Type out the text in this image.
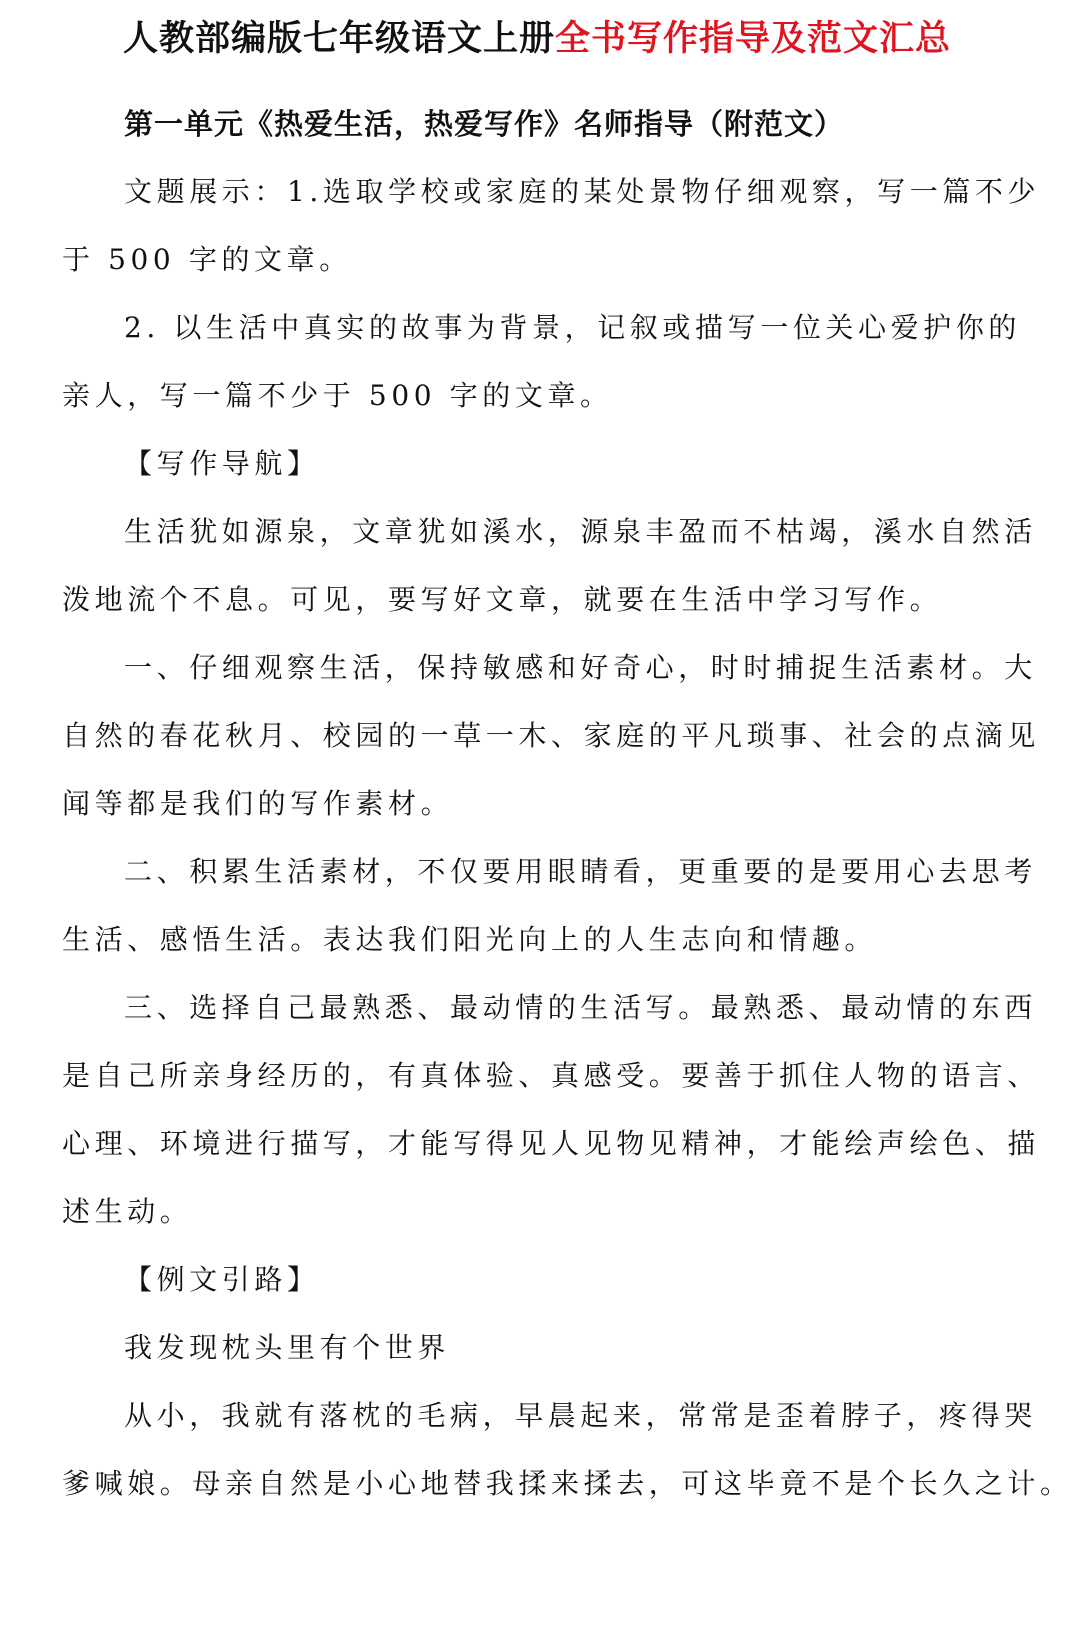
人教部编版七年级语文上册全书写作指导及范文汇总
第一单元《热爱生活，热爱写作》名师指导（附范文）
文题展示：1.选取学校或家庭的某处景物仔细观察，写一篇不少
于 500 字的文章。
2. 以生活中真实的故事为背景，记叙或描写一位关心爱护你的
亲人，写一篇不少于 500 字的文章。
【写作导航】
生活犹如源泉，文章犹如溪水，源泉丰盈而不枯竭，溪水自然活
泼地流个不息。可见，要写好文章，就要在生活中学习写作。
一、仔细观察生活，保持敏感和好奇心，时时捕捉生活素材。大
自然的春花秋月、校园的一草一木、家庭的平凡琐事、社会的点滴见
闻等都是我们的写作素材。
二、积累生活素材，不仅要用眼睛看，更重要的是要用心去思考
生活、感悟生活。表达我们阳光向上的人生志向和情趣。
三、选择自己最熟悉、最动情的生活写。最熟悉、最动情的东西
是自己所亲身经历的，有真体验、真感受。要善于抓住人物的语言、
心理、环境进行描写，才能写得见人见物见精神，才能绘声绘色、描
述生动。
【例文引路】
我发现枕头里有个世界
从小，我就有落枕的毛病，早晨起来，常常是歪着脖子，疼得哭
爹喊娘。母亲自然是小心地替我揉来揉去，可这毕竟不是个长久之计。
